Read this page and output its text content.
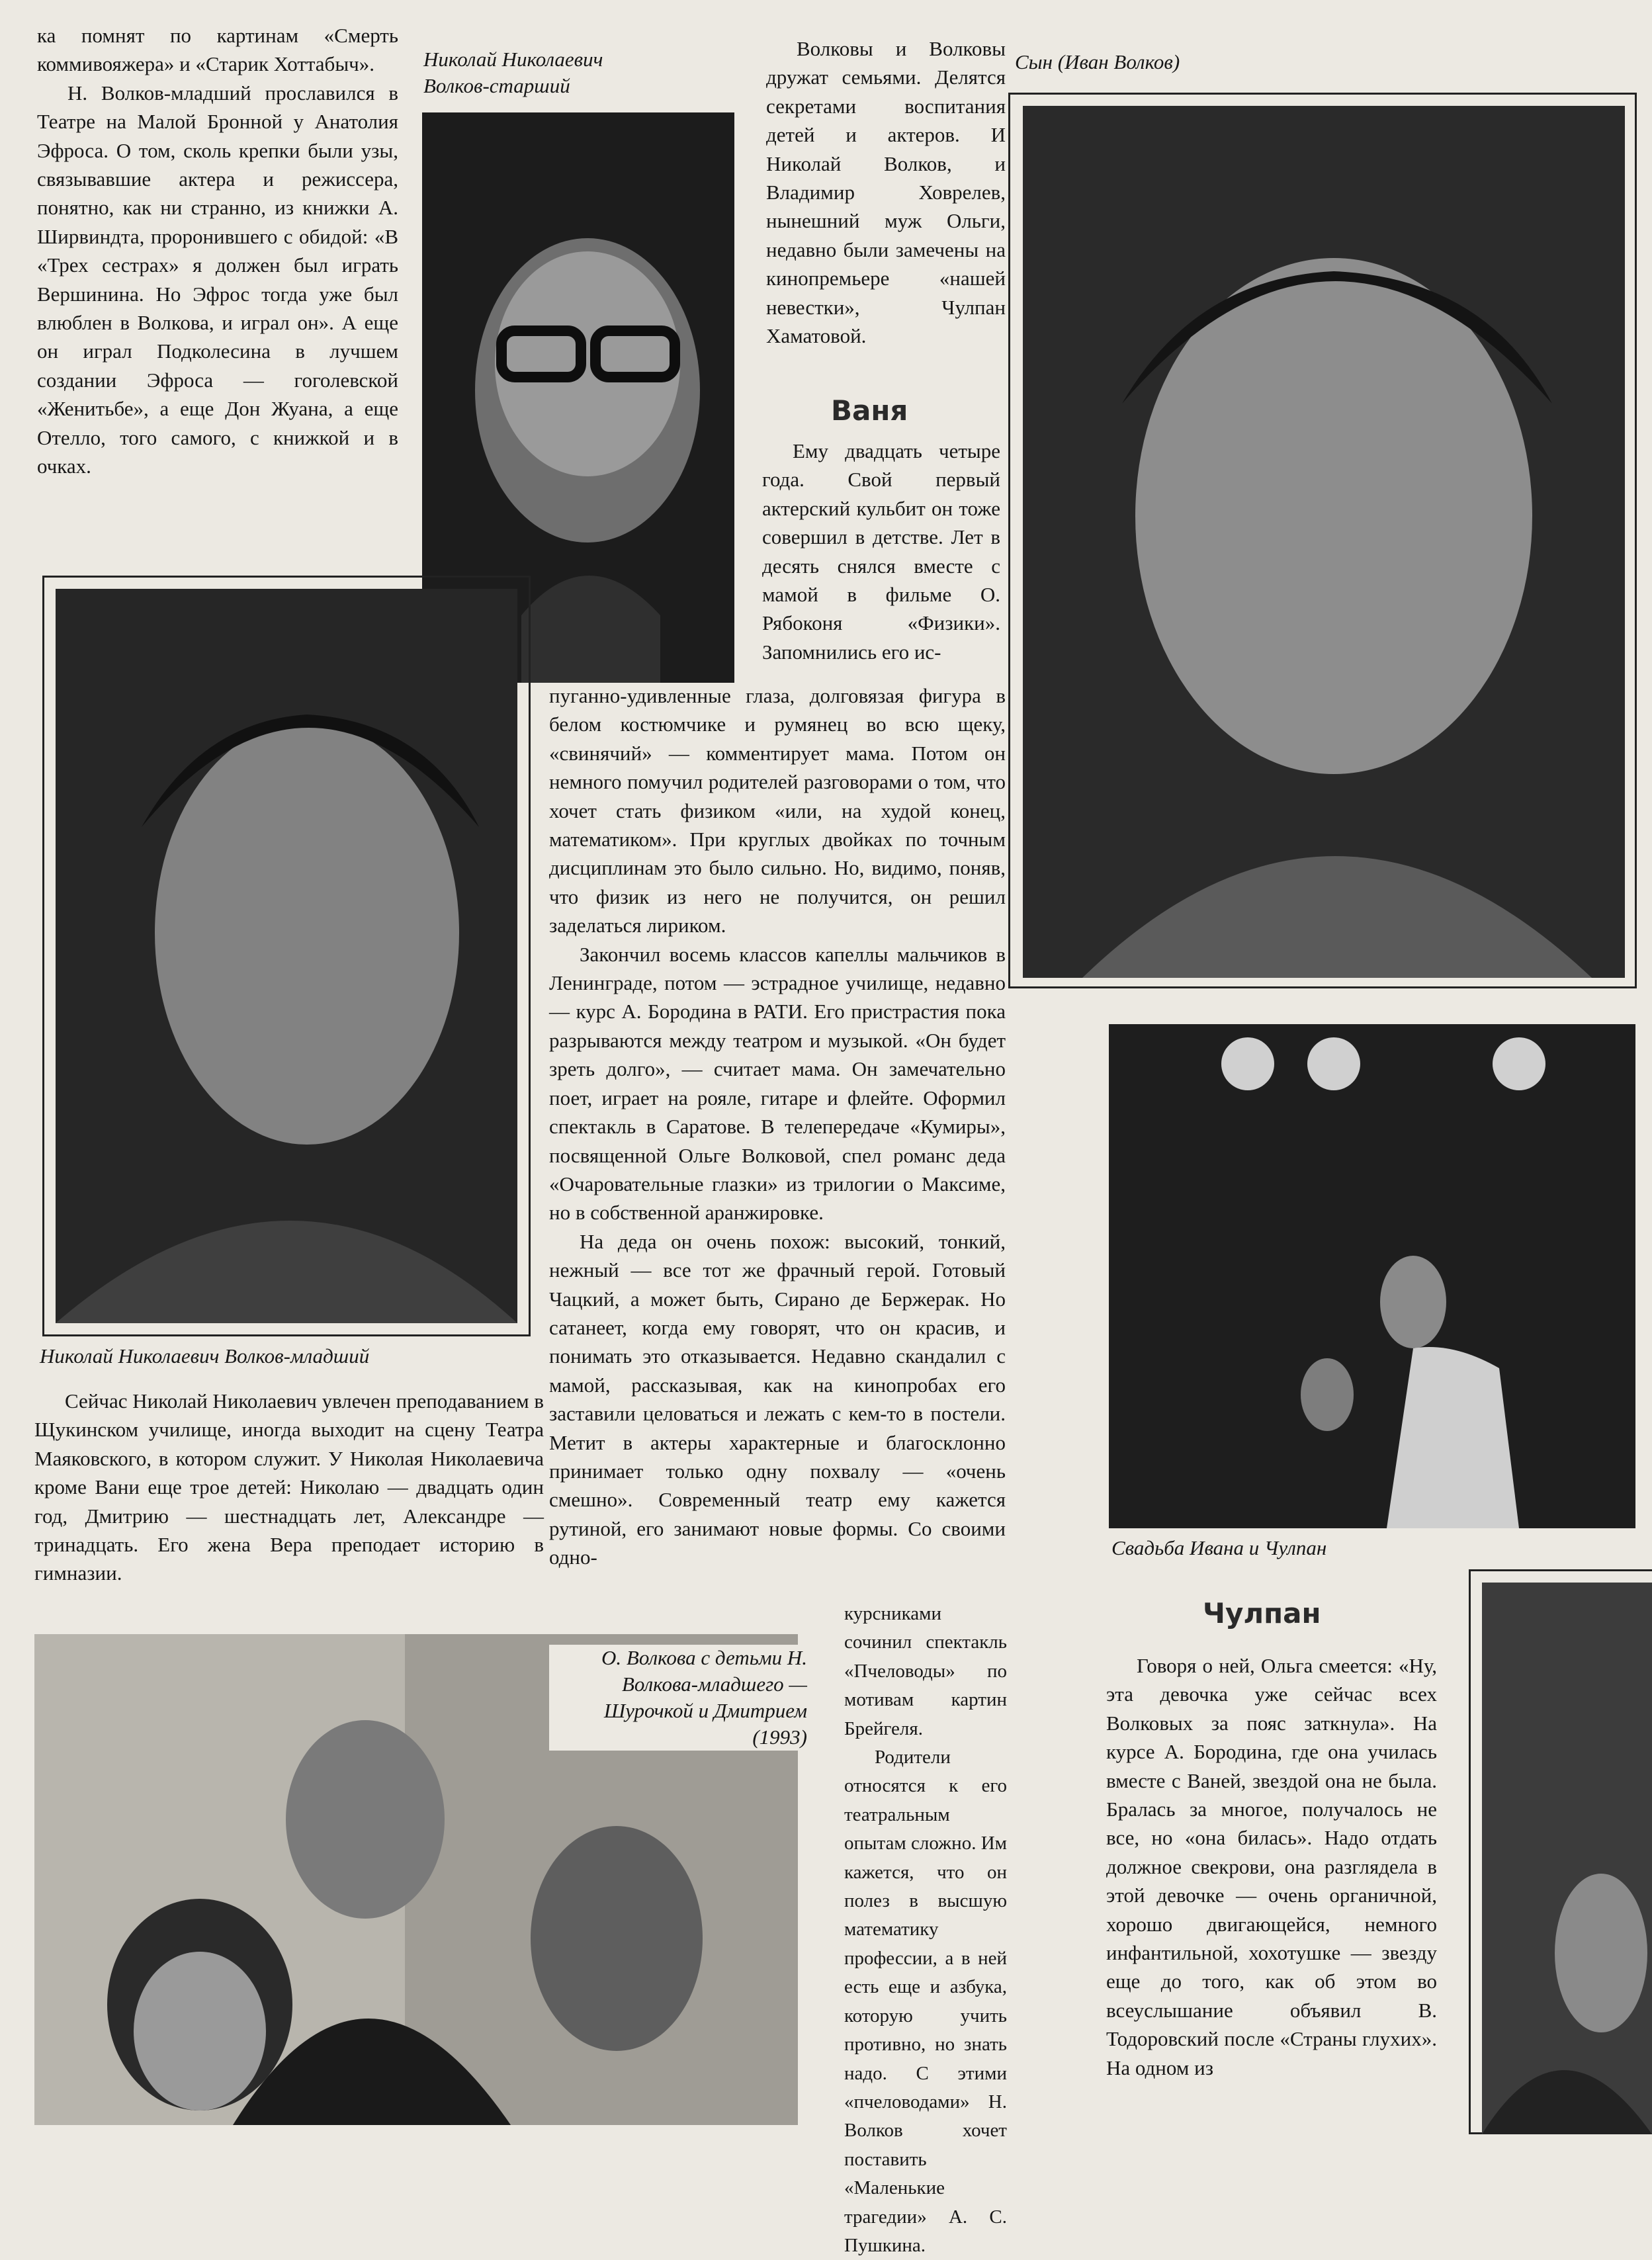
ка помнят по картинам «Смерть коммивояжера» и «Старик Хоттабыч».

Н. Волков-младший прославился в Театре на Малой Бронной у Анатолия Эфроса. О том, сколь крепки были узы, связывавшие актера и режиссера, понятно, как ни странно, из книжки А. Ширвиндта, проронившего с обидой: «В «Трех сестрах» я должен был играть Вершинина. Но Эфрос тогда уже был влюблен в Волкова, и играл он». А еще он играл Подколесина в лучшем создании Эфроса — гоголевской «Женитьбе», а еще Дон Жуана, а еще Отелло, того самого, с книжкой и в очках.

Николай Николаевич Волков-старший

Волковы и Волковы дружат семьями. Делятся секретами воспитания детей и актеров. И Николай Волков, и Владимир Ховрелев, нынешний муж Ольги, недавно были замечены на кинопремьере «нашей невестки», Чулпан Хаматовой.

Сын (Иван Волков)
Ваня

Ему двадцать четыре года. Свой первый актерский кульбит он тоже совершил в детстве. Лет в десять снялся вместе с мамой в фильме О. Рябоконя «Физики». Запомнились его ис-

пуганно-удивленные глаза, долговязая фигура в белом костюмчике и румянец во всю щеку, «свинячий» — комментирует мама. Потом он немного помучил родителей разговорами о том, что хочет стать физиком «или, на худой конец, математиком». При круглых двойках по точным дисциплинам это было сильно. Но, видимо, поняв, что физик из него не получится, он решил заделаться лириком.

Закончил восемь классов капеллы мальчиков в Ленинграде, потом — эстрадное училище, недавно — курс А. Бородина в РАТИ. Его пристрастия пока разрываются между театром и музыкой. «Он будет зреть долго», — считает мама. Он замечательно поет, играет на рояле, гитаре и флейте. Оформил спектакль в Саратове. В телепередаче «Кумиры», посвященной Ольге Волковой, спел романс деда «Очаровательные глазки» из трилогии о Максиме, но в собственной аранжировке.

На деда он очень похож: высокий, тонкий, нежный — все тот же фрачный герой. Готовый Чацкий, а может быть, Сирано де Бержерак. Но сатанеет, когда ему говорят, что он красив, и понимать это отказывается. Недавно скандалил с мамой, рассказывая, как на кинопробах его заставили целоваться и лежать с кем-то в постели. Метит в актеры характерные и благосклонно принимает только одну похвалу — «очень смешно». Современный театр ему кажется рутиной, его занимают новые формы. Со своими одно-

Николай Николаевич Волков-младший

Сейчас Николай Николаевич увлечен преподаванием в Щукинском училище, иногда выходит на сцену Театра Маяковского, в котором служит. У Николая Николаевича кроме Вани еще трое детей: Николаю — двадцать один год, Дмитрию — шестнадцать лет, Александре — тринадцать. Его жена Вера преподает историю в гимназии.

О. Волкова с детьми Н. Волкова-младшего — Шурочкой и Дмитрием (1993)

курсниками сочинил спектакль «Пчеловоды» по мотивам картин Брейгеля.

Родители относятся к его театральным опытам сложно. Им кажется, что он полез в высшую математику профессии, а в ней есть еще и азбука, которую учить противно, но знать надо. С этими «пчеловодами» Н. Волков хочет поставить «Маленькие трагедии» А. С. Пушкина.

Свадьба Ивана и Чулпан
Чулпан

Говоря о ней, Ольга смеется: «Ну, эта девочка уже сейчас всех Волковых за пояс заткнула». На курсе А. Бородина, где она училась вместе с Ваней, звездой она не была. Бралась за многое, получалось не все, но «она билась». Надо отдать должное свекрови, она разглядела в этой девочке — очень органичной, хорошо двигающейся, немного инфантильной, хохотушке — звезду еще до того, как об этом во всеуслышание объявил В. Тодоровский после «Страны глухих». На одном из
